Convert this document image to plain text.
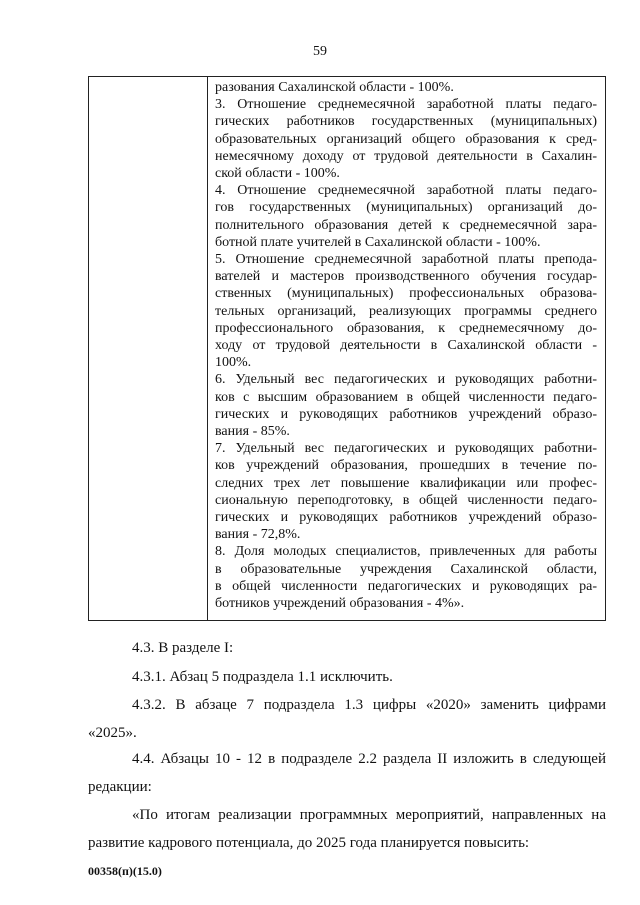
59
разования Сахалинской области - 100%.
3. Отношение среднемесячной заработной платы педаго-
гических работников государственных (муниципальных)
образовательных организаций общего образования к сред-
немесячному доходу от трудовой деятельности в Сахалин-
ской области - 100%.
4. Отношение среднемесячной заработной платы педаго-
гов государственных (муниципальных) организаций до-
полнительного образования детей к среднемесячной зара-
ботной плате учителей в Сахалинской области - 100%.
5. Отношение среднемесячной заработной платы препода-
вателей и мастеров производственного обучения государ-
ственных (муниципальных) профессиональных образова-
тельных организаций, реализующих программы среднего
профессионального образования, к среднемесячному до-
ходу от трудовой деятельности в Сахалинской области -
100%.
6. Удельный вес педагогических и руководящих работни-
ков с высшим образованием в общей численности педаго-
гических и руководящих работников учреждений образо-
вания - 85%.
7. Удельный вес педагогических и руководящих работни-
ков учреждений образования, прошедших в течение по-
следних трех лет повышение квалификации или профес-
сиональную переподготовку, в общей численности педаго-
гических и руководящих работников учреждений образо-
вания - 72,8%.
8. Доля молодых специалистов, привлеченных для работы
в образовательные учреждения Сахалинской области,
в общей численности педагогических и руководящих ра-
ботников учреждений образования - 4%».
4.3. В разделе I:
4.3.1. Абзац 5 подраздела 1.1 исключить.
4.3.2. В абзаце 7 подраздела 1.3 цифры «2020» заменить цифрами
«2025».
4.4. Абзацы 10 - 12 в подразделе 2.2 раздела II изложить в следующей
редакции:
«По итогам реализации программных мероприятий, направленных на
развитие кадрового потенциала, до 2025 года планируется повысить:
00358(п)(15.0)
